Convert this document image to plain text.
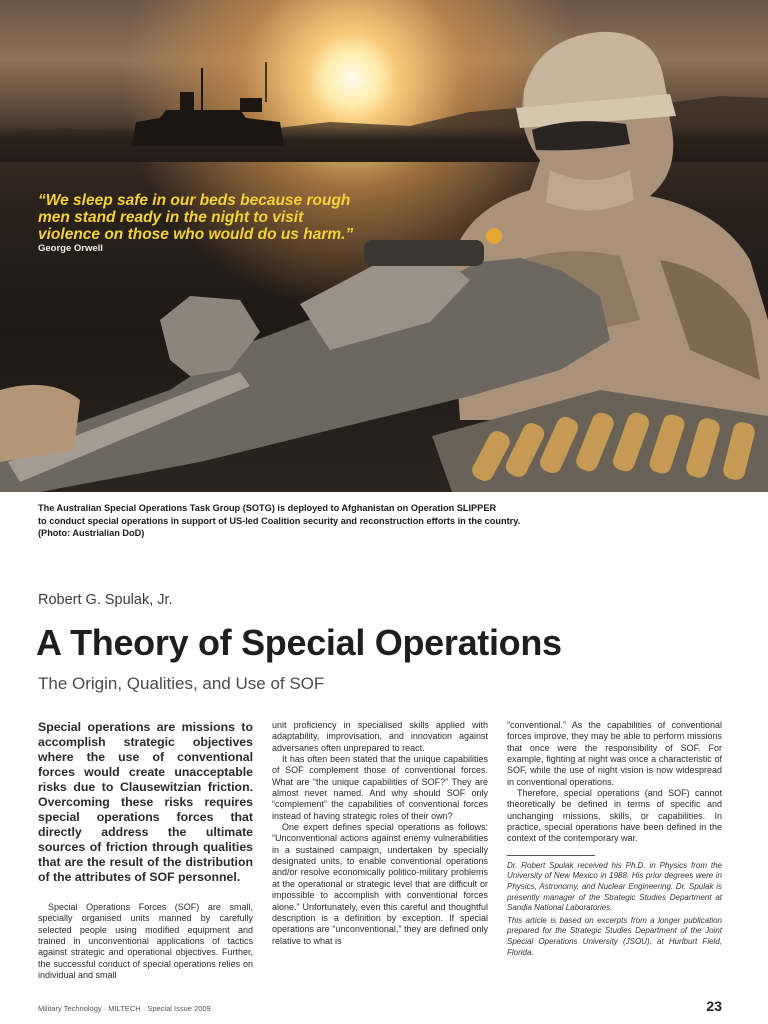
“We sleep safe in our beds because rough
men stand ready in the night to visit
violence on those who would do us harm.”

George Orwell

The Australian Special Operations Task Group (SOTG) is deployed to Afghanistan on Operation SLIPPER
to conduct special operations in support of US-led Coalition security and reconstruction efforts in the country.
(Photo: Austrialian DoD)

Robert G. Spulak, Jr.

A Theory of Special Operations

The Origin, Qualities, and Use of SOF

Special operations are missions to accomplish strategic objectives where the use of conventional forces would create unacceptable risks due to Clausewitzian friction. Overcoming these risks requires special operations forces that directly address the ultimate sources of friction through qualities that are the result of the distribution of the attributes of SOF personnel.

Special Operations Forces (SOF) are small, specially organised units manned by carefully selected people using modified equipment and trained in unconventional applications of tactics against strategic and operational objectives. Further, the successful conduct of special operations relies on individual and small

unit proficiency in specialised skills applied with adaptability, improvisation, and innovation against adversaries often unprepared to react.

It has often been stated that the unique capabilities of SOF complement those of conventional forces. What are “the unique capabilities of SOF?” They are almost never named. And why should SOF only “complement” the capabilities of conventional forces instead of having strategic roles of their own?

One expert defines special operations as follows: “Unconventional actions against enemy vulnerabilities in a sustained campaign, undertaken by specially designated units, to enable conventional operations and/or resolve economically politico-military problems at the operational or strategic level that are difficult or impossible to accomplish with conventional forces alone.” Unfortunately, even this careful and thoughtful description is a definition by exception. If special operations are “unconventional,” they are defined only relative to what is

“conventional.” As the capabilities of conventional forces improve, they may be able to perform missions that once were the responsibility of SOF. For example, fighting at night was once a characteristic of SOF, while the use of night vision is now widespread in conventional operations.

Therefore, special operations (and SOF) cannot theoretically be defined in terms of specific and unchanging missions, skills, or capabilities. In practice, special operations have been defined in the context of the contemporary war.

Dr. Robert Spulak received his Ph.D. in Physics from the University of New Mexico in 1988. His prior degrees were in Physics, Astronomy, and Nuclear Engineering. Dr. Spulak is presently manager of the Strategic Studies Department at Sandia National Laboratories.

This article is based on excerpts from a longer publication prepared for the Strategic Studies Department of the Joint Special Operations University (JSOU), at Hurlburt Field, Florida.

Military Technology · MILTECH · Special Issue 2009	23
